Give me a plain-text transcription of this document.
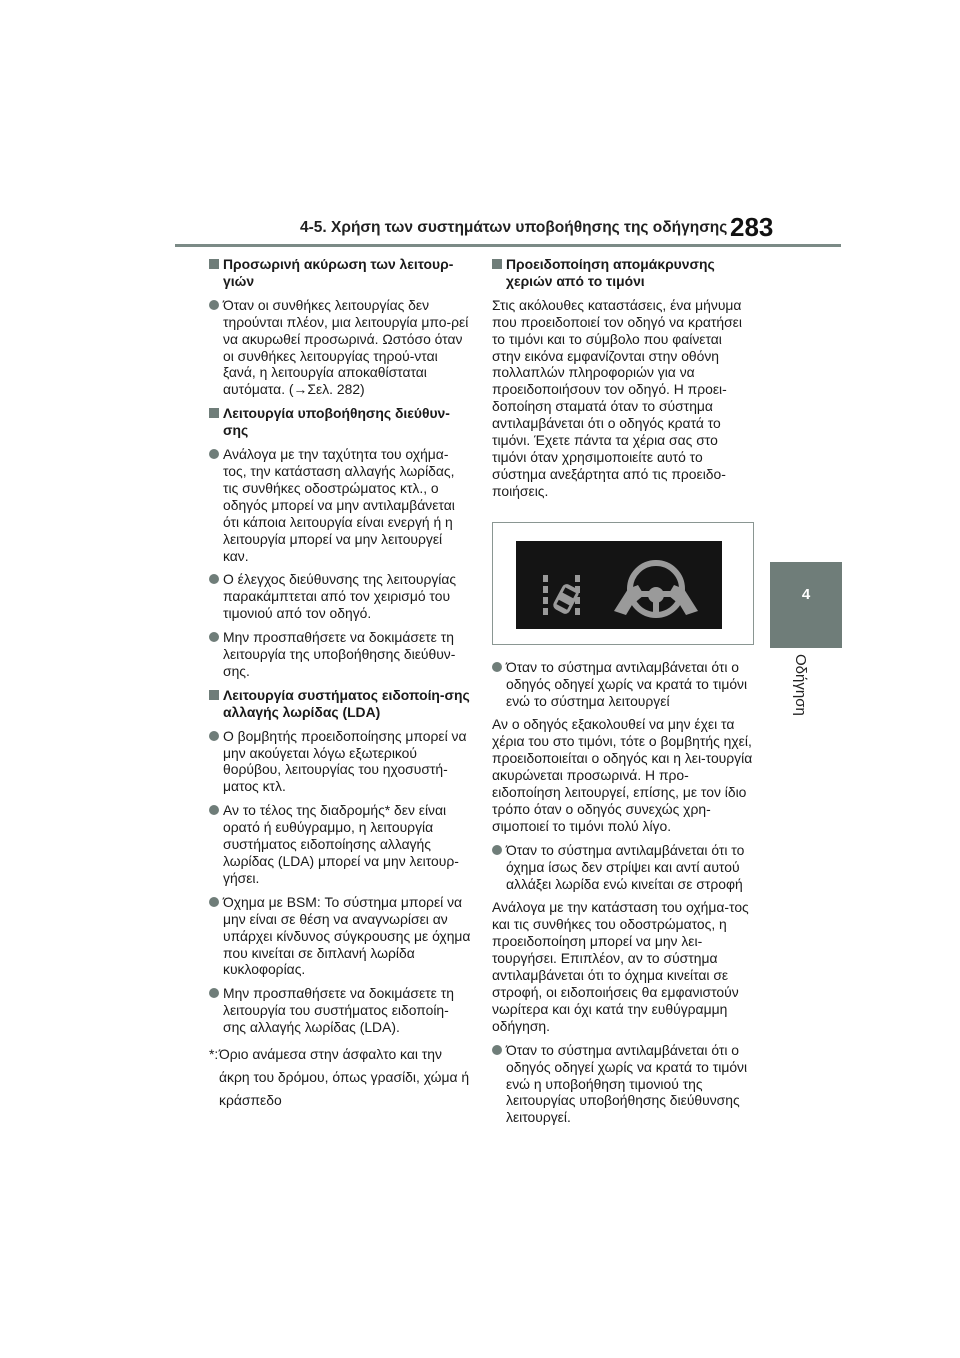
4-5. Χρήση των συστημάτων υποβοήθησης της οδήγησης 283
4
Οδήγηση
Προσωρινή ακύρωση των λειτουρ-γιών
Όταν οι συνθήκες λειτουργίας δεν τηρούνται πλέον, μια λειτουργία μπο-ρεί να ακυρωθεί προσωρινά. Ωστόσο όταν οι συνθήκες λειτουργίας τηρού-νται ξανά, η λειτουργία αποκαθίσταται αυτόματα. (→Σελ. 282)
Λειτουργία υποβοήθησης διεύθυν-σης
Ανάλογα με την ταχύτητα του οχήμα-τος, την κατάσταση αλλαγής λωρίδας, τις συνθήκες οδοστρώματος κτλ., ο οδηγός μπορεί να μην αντιλαμβάνεται ότι κάποια λειτουργία είναι ενεργή ή η λειτουργία μπορεί να μην λειτουργεί καν.
Ο έλεγχος διεύθυνσης της λειτουργίας παρακάμπτεται από τον χειρισμό του τιμονιού από τον οδηγό.
Μην προσπαθήσετε να δοκιμάσετε τη λειτουργία της υποβοήθησης διεύθυν-σης.
Λειτουργία συστήματος ειδοποίη-σης αλλαγής λωρίδας (LDA)
Ο βομβητής προειδοποίησης μπορεί να μην ακούγεται λόγω εξωτερικού θορύβου, λειτουργίας του ηχοσυστή-ματος κτλ.
Αν το τέλος της διαδρομής* δεν είναι ορατό ή ευθύγραμμο, η λειτουργία συστήματος ειδοποίησης αλλαγής λωρίδας (LDA) μπορεί να μην λειτουρ-γήσει.
Όχημα με BSM: Το σύστημα μπορεί να μην είναι σε θέση να αναγνωρίσει αν υπάρχει κίνδυνος σύγκρουσης με όχημα που κινείται σε διπλανή λωρίδα κυκλοφορίας.
Μην προσπαθήσετε να δοκιμάσετε τη λειτουργία του συστήματος ειδοποίη-σης αλλαγής λωρίδας (LDA).
*: Όριο ανάμεσα στην άσφαλτο και την άκρη του δρόμου, όπως γρασίδι, χώμα ή κράσπεδο
Προειδοποίηση απομάκρυνσης χεριών από το τιμόνι
Στις ακόλουθες καταστάσεις, ένα μήνυμα που προειδοποιεί τον οδηγό να κρατήσει το τιμόνι και το σύμβολο που φαίνεται στην εικόνα εμφανίζονται στην οθόνη πολλαπλών πληροφοριών για να προειδοποιήσουν τον οδηγό. Η προει-δοποίηση σταματά όταν το σύστημα αντιλαμβάνεται ότι ο οδηγός κρατά το τιμόνι. Έχετε πάντα τα χέρια σας στο τιμόνι όταν χρησιμοποιείτε αυτό το σύστημα ανεξάρτητα από τις προειδο-ποιήσεις.
Όταν το σύστημα αντιλαμβάνεται ότι ο οδηγός οδηγεί χωρίς να κρατά το τιμόνι ενώ το σύστημα λειτουργεί
Αν ο οδηγός εξακολουθεί να μην έχει τα χέρια του στο τιμόνι, τότε ο βομβητής ηχεί, προειδοποιείται ο οδηγός και η λει-τουργία ακυρώνεται προσωρινά. Η προ-ειδοποίηση λειτουργεί, επίσης, με τον ίδιο τρόπο όταν ο οδηγός συνεχώς χρη-σιμοποιεί το τιμόνι πολύ λίγο.
Όταν το σύστημα αντιλαμβάνεται ότι το όχημα ίσως δεν στρίψει και αντί αυτού αλλάξει λωρίδα ενώ κινείται σε στροφή
Ανάλογα με την κατάσταση του οχήμα-τος και τις συνθήκες του οδοστρώματος, η προειδοποίηση μπορεί να μην λει-τουργήσει. Επιπλέον, αν το σύστημα αντιλαμβάνεται ότι το όχημα κινείται σε στροφή, οι ειδοποιήσεις θα εμφανιστούν νωρίτερα και όχι κατά την ευθύγραμμη οδήγηση.
Όταν το σύστημα αντιλαμβάνεται ότι ο οδηγός οδηγεί χωρίς να κρατά το τιμόνι ενώ η υποβοήθηση τιμονιού της λειτουργίας υποβοήθησης διεύθυνσης λειτουργεί.
